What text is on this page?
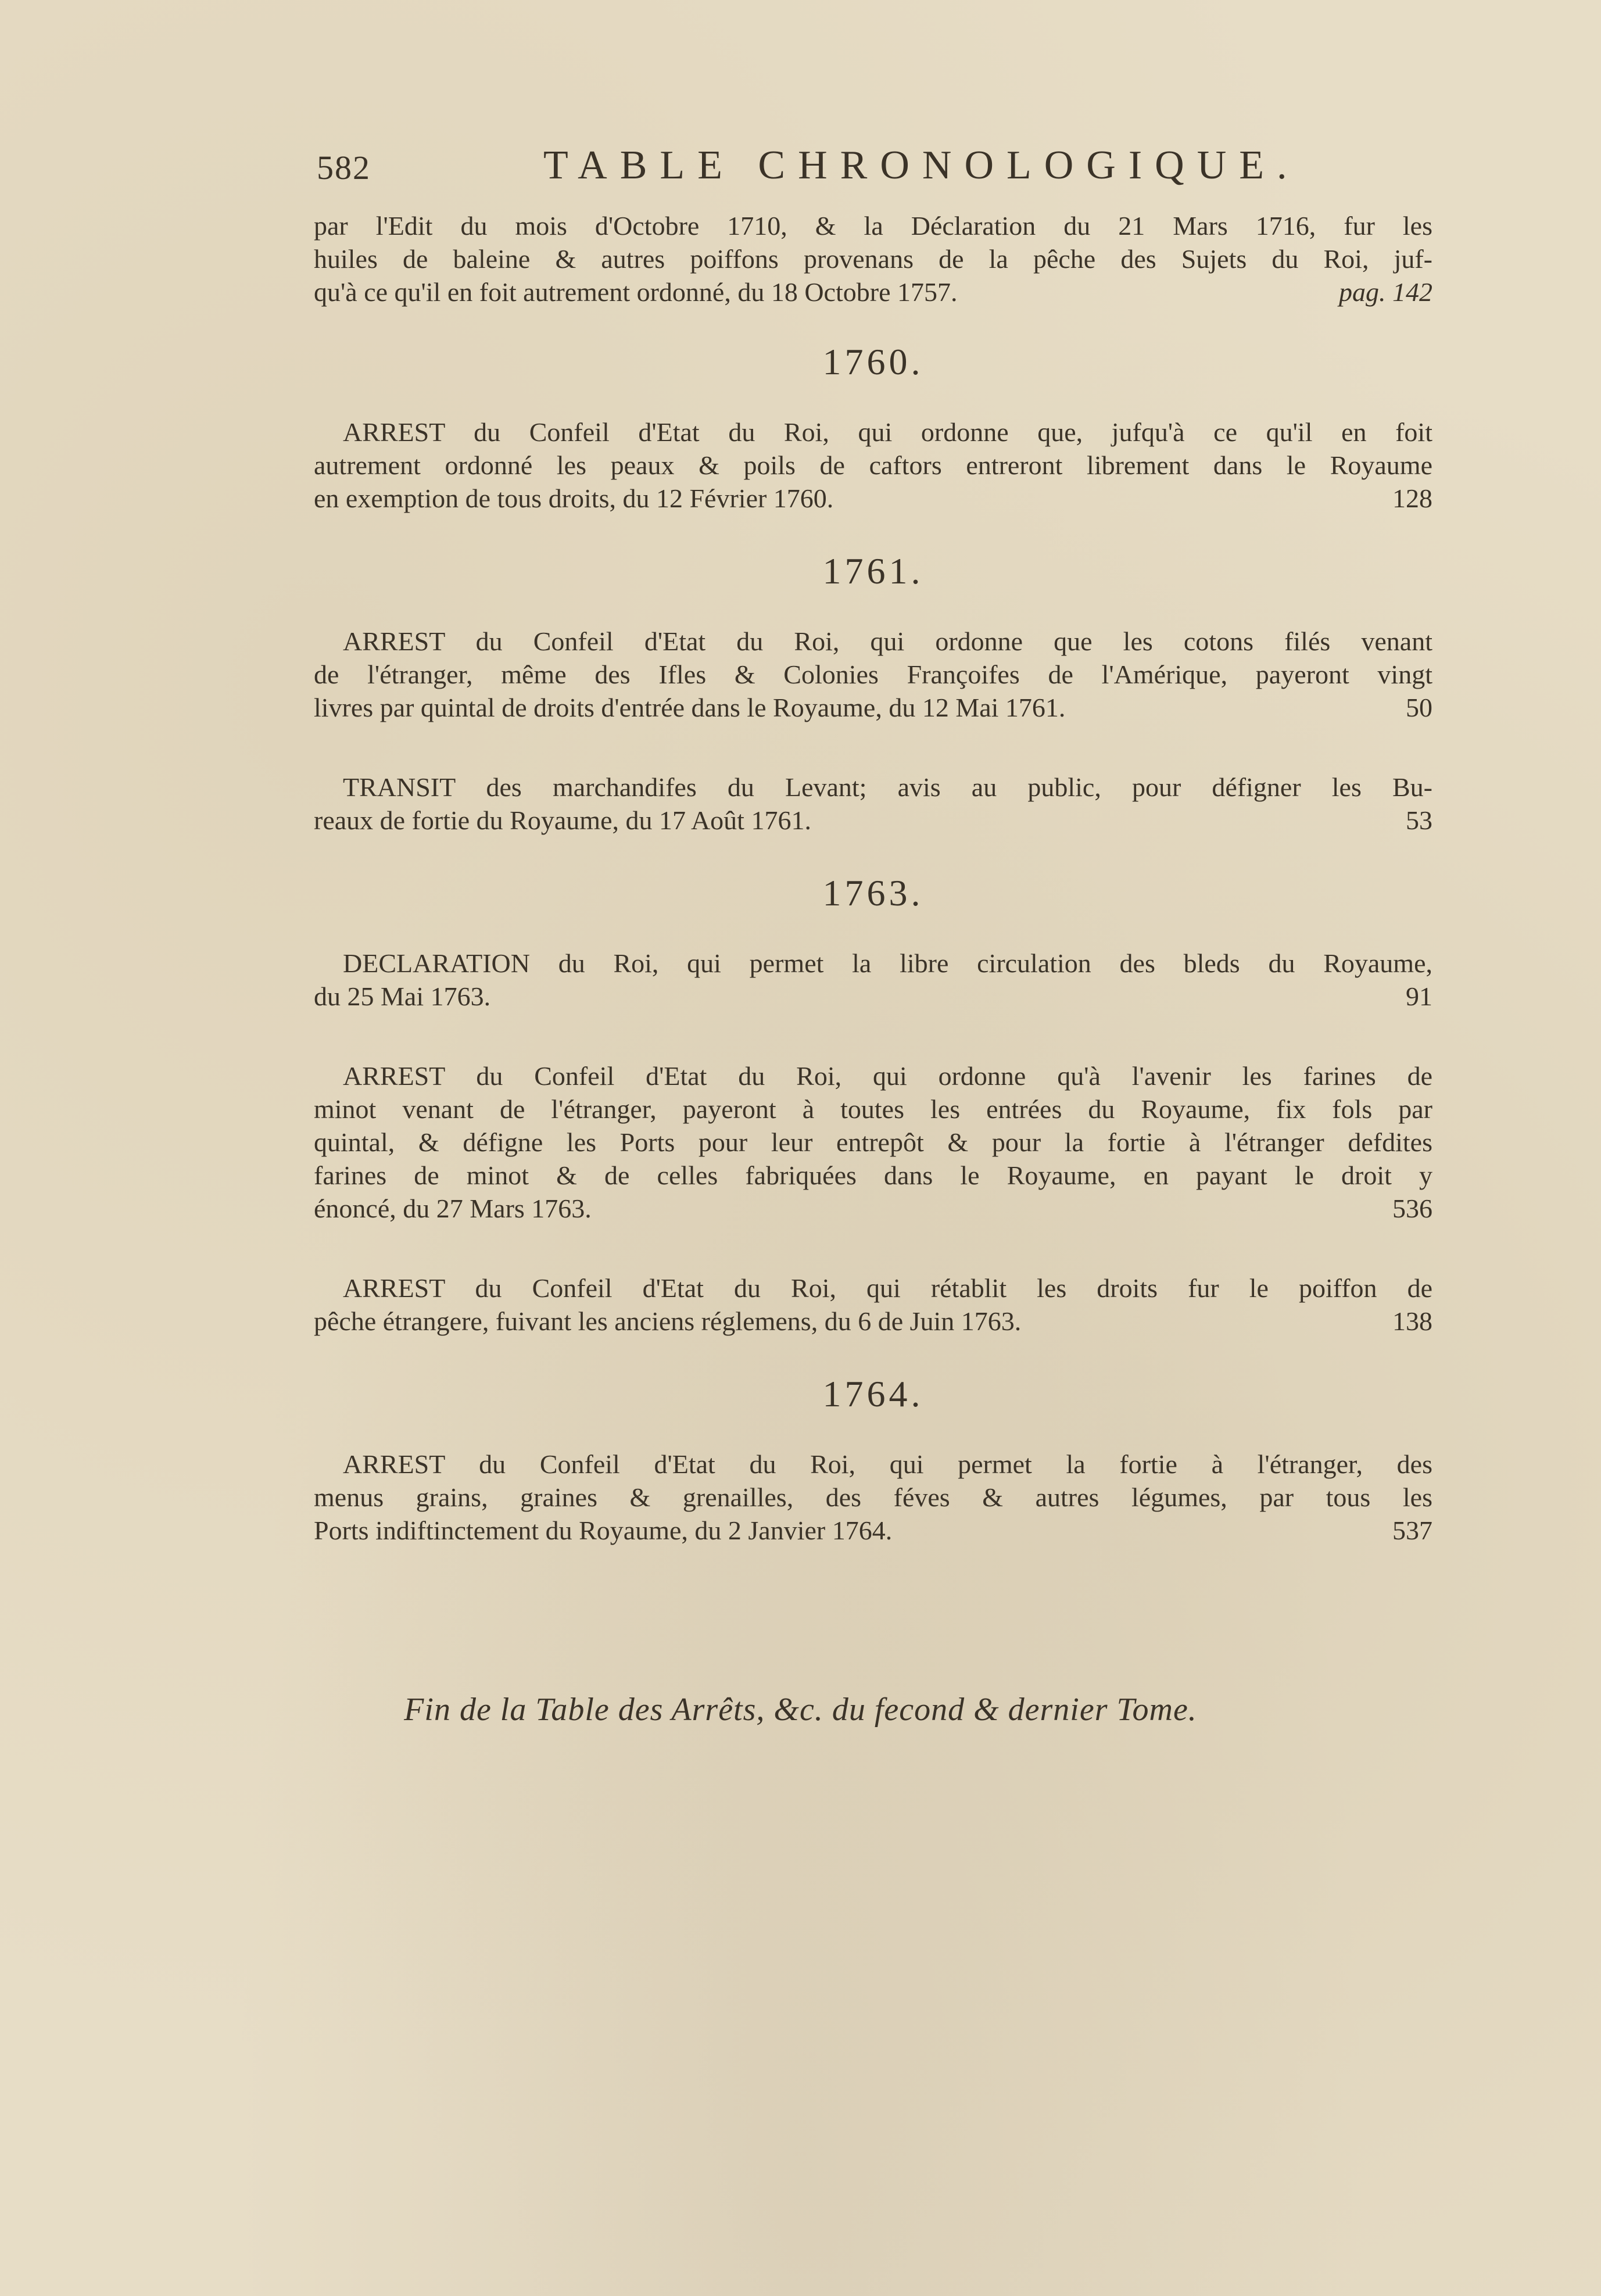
582	TABLE CHRONOLOGIQUE.
par l'Edit du mois d'Octobre 1710, & la Déclaration du 21 Mars 1716, fur les
huiles de baleine & autres poiffons provenans de la pêche des Sujets du Roi, juf-
qu'à ce qu'il en foit autrement ordonné, du 18 Octobre 1757.	pag. 142

1760.

ARREST du Confeil d'Etat du Roi, qui ordonne que, jufqu'à ce qu'il en foit
autrement ordonné les peaux & poils de caftors entreront librement dans le Royaume
en exemption de tous droits, du 12 Février 1760.	128

1761.

ARREST du Confeil d'Etat du Roi, qui ordonne que les cotons filés venant
de l'étranger, même des Ifles & Colonies Françoifes de l'Amérique, payeront vingt
livres par quintal de droits d'entrée dans le Royaume, du 12 Mai 1761.	50
TRANSIT des marchandifes du Levant; avis au public, pour défigner les Bu-
reaux de fortie du Royaume, du 17 Août 1761.	53

1763.

DECLARATION du Roi, qui permet la libre circulation des bleds du Royaume,
du 25 Mai 1763.	91
ARREST du Confeil d'Etat du Roi, qui ordonne qu'à l'avenir les farines de
minot venant de l'étranger, payeront à toutes les entrées du Royaume, fix fols par
quintal, & défigne les Ports pour leur entrepôt & pour la fortie à l'étranger defdites
farines de minot & de celles fabriquées dans le Royaume, en payant le droit y
énoncé, du 27 Mars 1763.	536
ARREST du Confeil d'Etat du Roi, qui rétablit les droits fur le poiffon de
pêche étrangere, fuivant les anciens réglemens, du 6 de Juin 1763.	138

1764.

ARREST du Confeil d'Etat du Roi, qui permet la fortie à l'étranger, des
menus grains, graines & grenailles, des féves & autres légumes, par tous les
Ports indiftinctement du Royaume, du 2 Janvier 1764.	537
Fin de la Table des Arrêts, &c. du fecond & dernier Tome.
